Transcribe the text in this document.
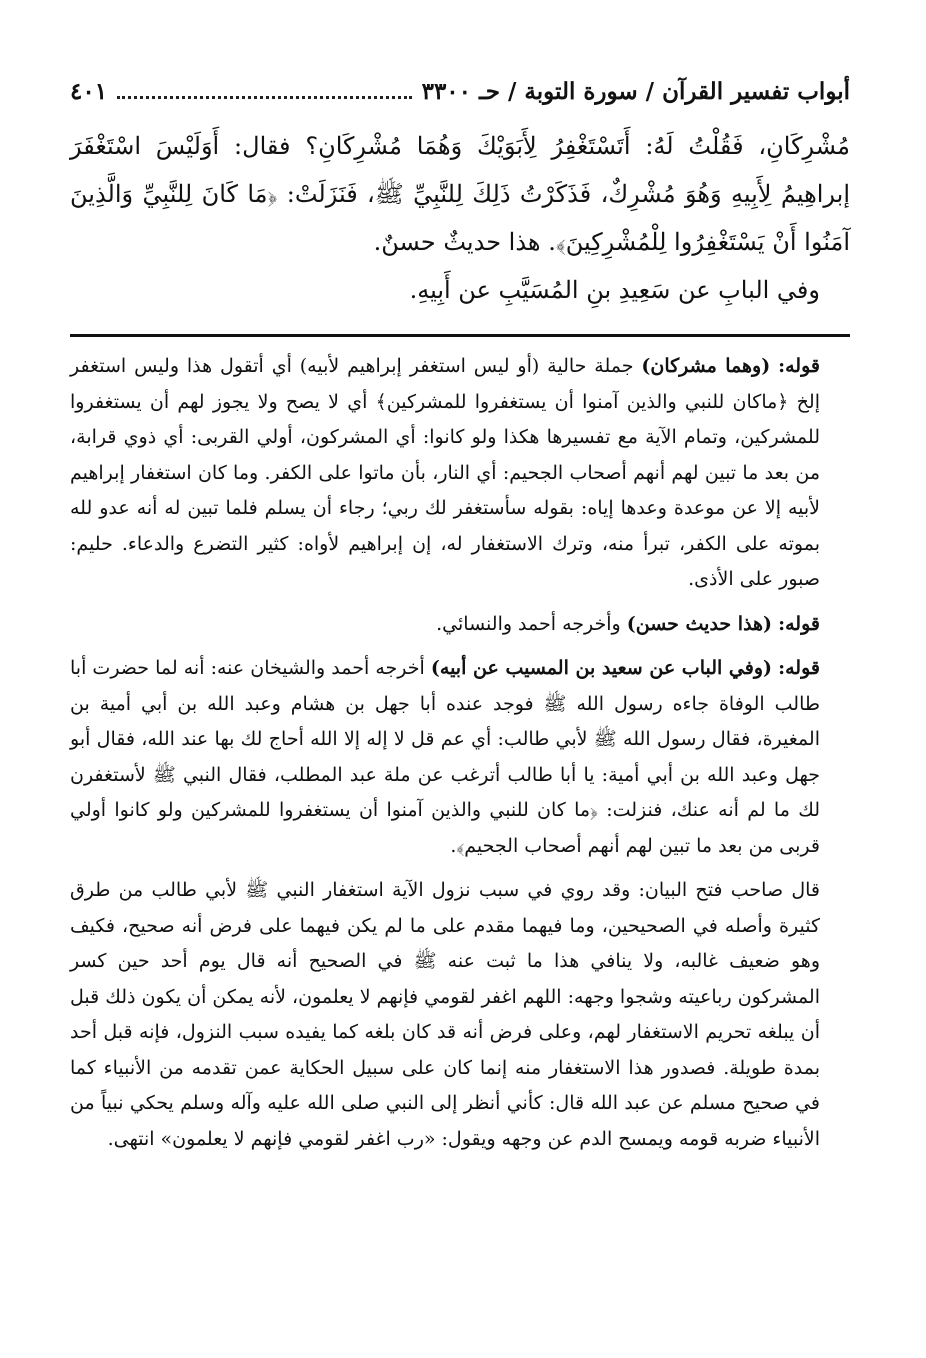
أبواب تفسير القرآن / سورة التوبة / حـ ٣٣٠٠
٤٠١

مُشْرِكَانِ، فَقُلْتُ لَهُ: أَتَسْتَغْفِرُ لِأَبَوَيْكَ وَهُمَا مُشْرِكَانِ؟ فقال: أَوَلَيْسَ اسْتَغْفَرَ إبراهِيمُ لِأَبِيهِ وَهُوَ مُشْرِكٌ، فَذَكَرْتُ ذَلِكَ لِلنَّبِيِّ ﷺ، فَنَزَلَتْ: ﴿مَا كَانَ لِلنَّبِيِّ وَالَّذِينَ آمَنُوا أَنْ يَسْتَغْفِرُوا لِلْمُشْرِكِينَ﴾. هذا حديثٌ حسنٌ.

وفي البابِ عن سَعِيدِ بنِ المُسَيَّبِ عن أَبِيهِ.

قوله: (وهما مشركان) جملة حالية (أو ليس استغفر إبراهيم لأبيه) أي أتقول هذا وليس استغفر إلخ ﴿ماكان للنبي والذين آمنوا أن يستغفروا للمشركين﴾ أي لا يصح ولا يجوز لهم أن يستغفروا للمشركين، وتمام الآية مع تفسيرها هكذا ولو كانوا: أي المشركون، أولي القربى: أي ذوي قرابة، من بعد ما تبين لهم أنهم أصحاب الجحيم: أي النار، بأن ماتوا على الكفر. وما كان استغفار إبراهيم لأبيه إلا عن موعدة وعدها إياه: بقوله سأستغفر لك ربي؛ رجاء أن يسلم فلما تبين له أنه عدو لله بموته على الكفر، تبرأ منه، وترك الاستغفار له، إن إبراهيم لأواه: كثير التضرع والدعاء. حليم: صبور على الأذى.

قوله: (هذا حديث حسن) وأخرجه أحمد والنسائي.

قوله: (وفي الباب عن سعيد بن المسيب عن أبيه) أخرجه أحمد والشيخان عنه: أنه لما حضرت أبا طالب الوفاة جاءه رسول الله ﷺ فوجد عنده أبا جهل بن هشام وعبد الله بن أبي أمية بن المغيرة، فقال رسول الله ﷺ لأبي طالب: أي عم قل لا إله إلا الله أحاج لك بها عند الله، فقال أبو جهل وعبد الله بن أبي أمية: يا أبا طالب أترغب عن ملة عبد المطلب، فقال النبي ﷺ لأستغفرن لك ما لم أنه عنك، فنزلت: ﴿ما كان للنبي والذين آمنوا أن يستغفروا للمشركين ولو كانوا أولي قربى من بعد ما تبين لهم أنهم أصحاب الجحيم﴾.

قال صاحب فتح البيان: وقد روي في سبب نزول الآية استغفار النبي ﷺ لأبي طالب من طرق كثيرة وأصله في الصحيحين، وما فيهما مقدم على ما لم يكن فيهما على فرض أنه صحيح، فكيف وهو ضعيف غالبه، ولا ينافي هذا ما ثبت عنه ﷺ في الصحيح أنه قال يوم أحد حين كسر المشركون رباعيته وشجوا وجهه: اللهم اغفر لقومي فإنهم لا يعلمون، لأنه يمكن أن يكون ذلك قبل أن يبلغه تحريم الاستغفار لهم، وعلى فرض أنه قد كان بلغه كما يفيده سبب النزول، فإنه قبل أحد بمدة طويلة. فصدور هذا الاستغفار منه إنما كان على سبيل الحكاية عمن تقدمه من الأنبياء كما في صحيح مسلم عن عبد الله قال: كأني أنظر إلى النبي صلى الله عليه وآله وسلم يحكي نبياً من الأنبياء ضربه قومه ويمسح الدم عن وجهه ويقول: «رب اغفر لقومي فإنهم لا يعلمون» انتهى.
